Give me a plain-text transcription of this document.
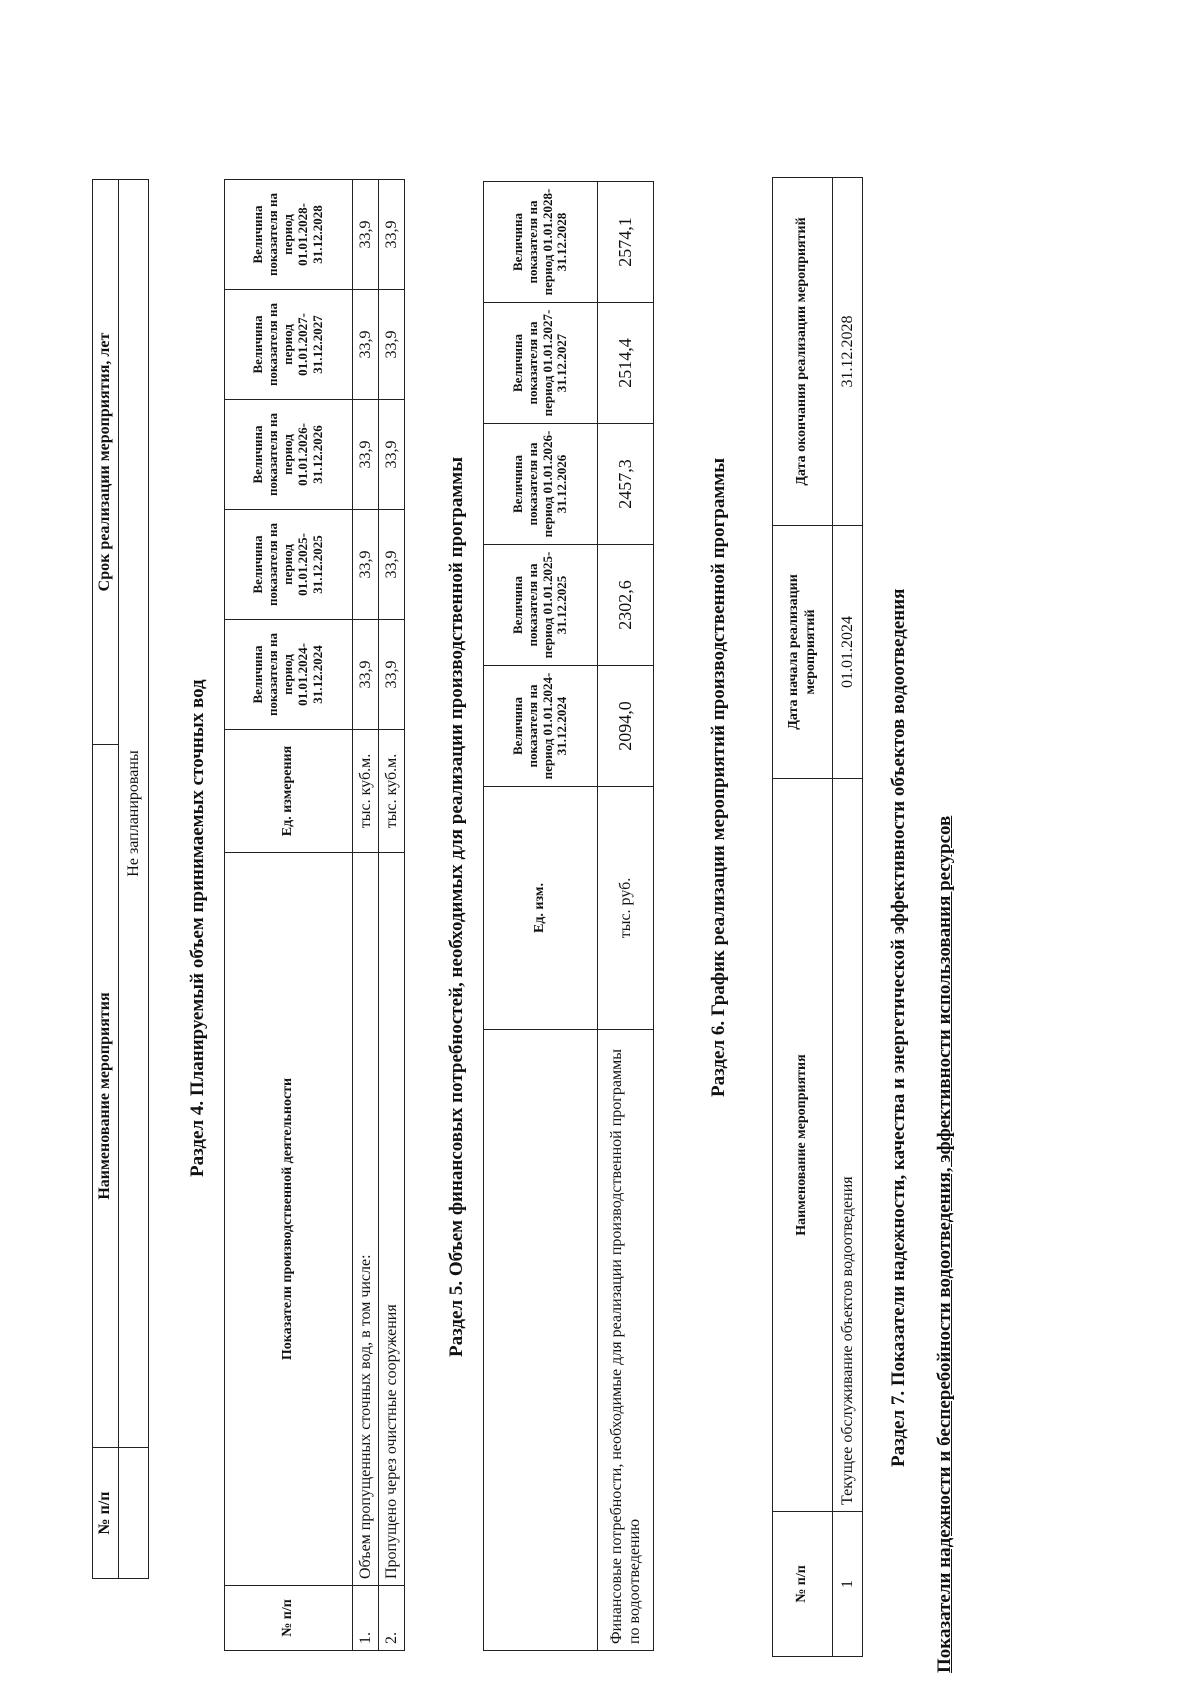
№ п/п	Наименование мероприятия	Срок реализации мероприятия, лет
	Не запланированы	Раздел 4. Планируемый объем принимаемых сточных вод
№ п/п	Показатели производственной деятельности	Ед. измерения	Величина показателя на период 01.01.2024-31.12.2024	Величина показателя на период 01.01.2025-31.12.2025	Величина показателя на период 01.01.2026-31.12.2026	Величина показателя на период 01.01.2027-31.12.2027	Величина показателя на период 01.01.2028-31.12.2028
1.	Объем пропущенных сточных вод, в том числе:	тыс. куб.м.	33,9	33,9	33,9	33,9	33,9
2.	Пропущено через очистные сооружения	тыс. куб.м.	33,9	33,9	33,9	33,9	33,9
Раздел 5. Объем финансовых потребностей, необходимых для реализации производственной программы
		Ед. изм.	Величина показателя на период 01.01.2024-31.12.2024	Величина показателя на период 01.01.2025-31.12.2025	Величина показателя на период 01.01.2026-31.12.2026	Величина показателя на период 01.01.2027-31.12.2027	Величина показателя на период 01.01.2028-31.12.2028
Финансовые потребности, необходимые для реализации производственной программы по водоотведению	тыс. руб.	2094,0	2302,6	2457,3	2514,4	2574,1
Раздел 6. График реализации мероприятий производственной программы
№ п/п	Наименование мероприятия	Дата начала реализации мероприятий	Дата окончания реализации мероприятий
1	Текущее обслуживание объектов водоотведения	01.01.2024	31.12.2028
Раздел 7. Показатели надежности, качества и энергетической эффективности объектов водоотведения Показатели надежности и бесперебойности водоотведения, эффективности использования ресурсов
